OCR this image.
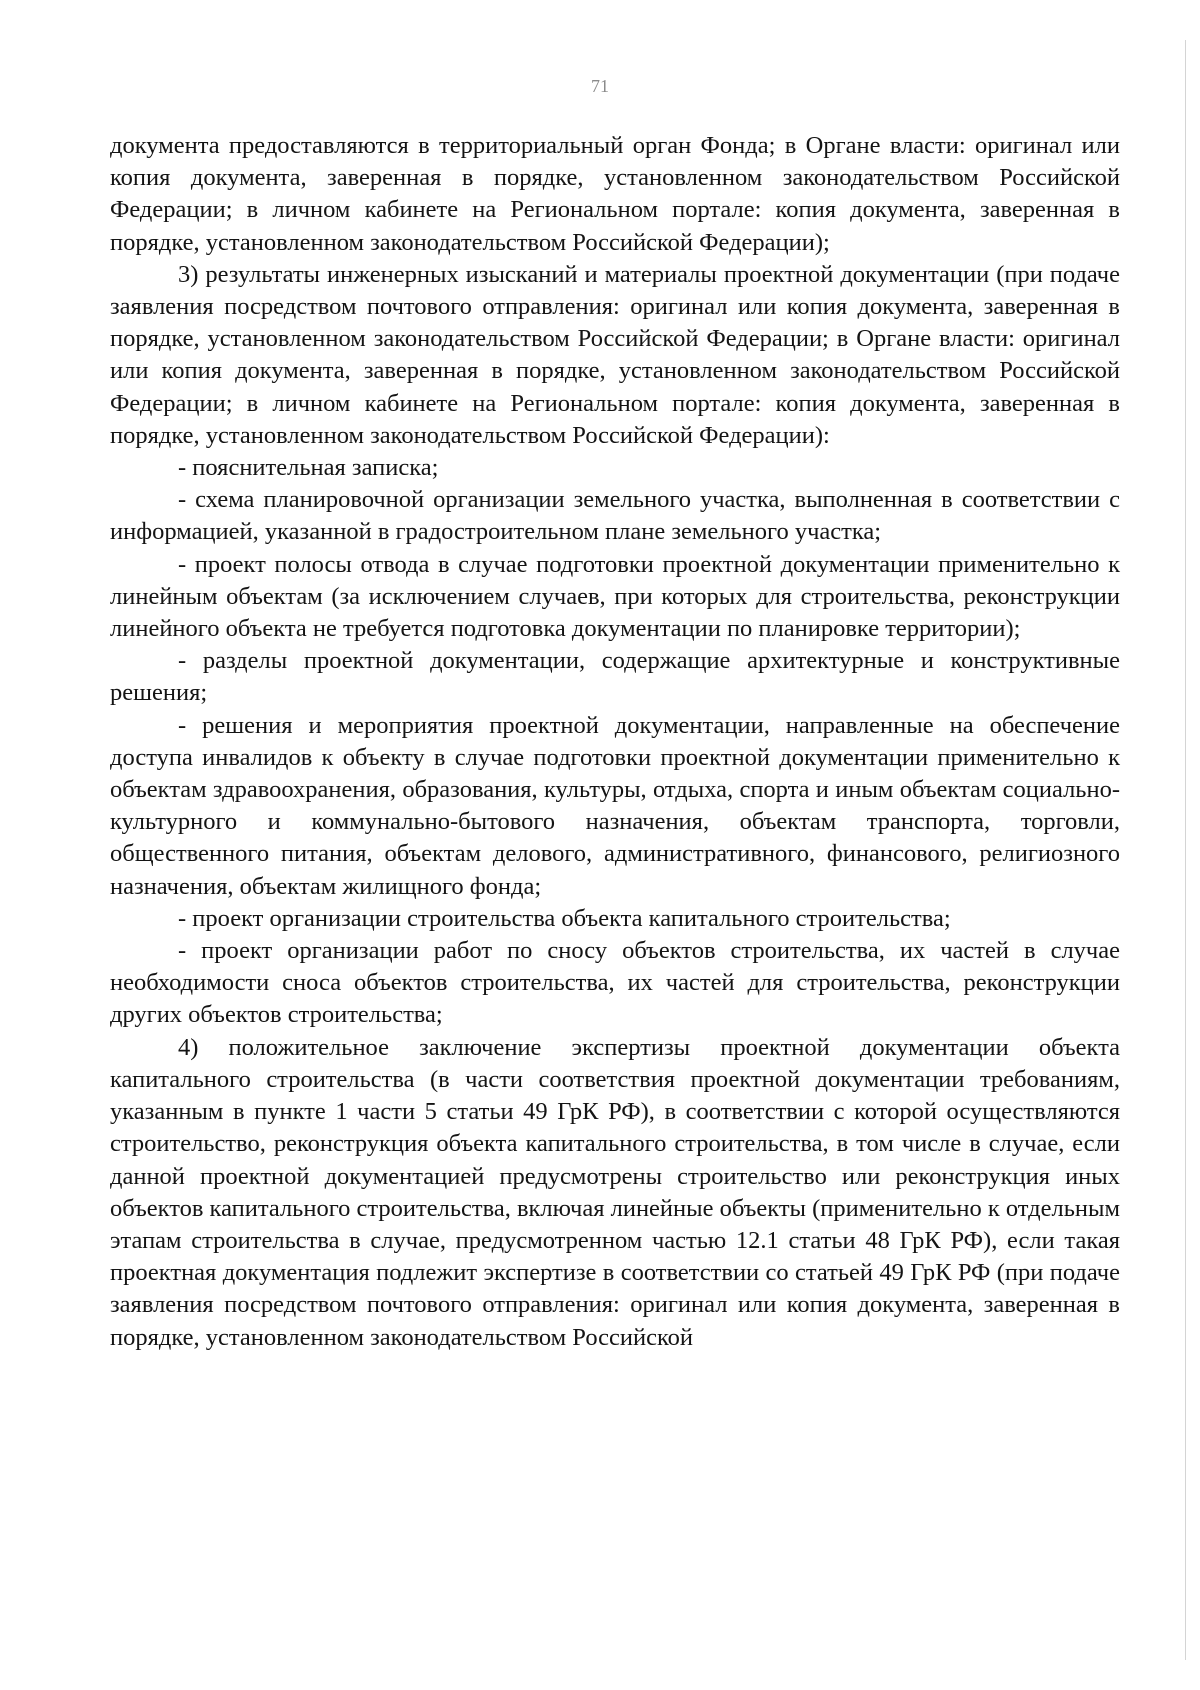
71

документа предоставляются в территориальный орган Фонда; в Органе власти: оригинал или копия документа, заверенная в порядке, установленном законодательством Российской Федерации; в личном кабинете на Региональном портале: копия документа, заверенная в порядке, установленном законодательством Российской Федерации);

3) результаты инженерных изысканий и материалы проектной документации (при подаче заявления посредством почтового отправления: оригинал или копия документа, заверенная в порядке, установленном законодательством Российской Федерации; в Органе власти: оригинал или копия документа, заверенная в порядке, установленном законодательством Российской Федерации; в личном кабинете на Региональном портале: копия документа, заверенная в порядке, установленном законодательством Российской Федерации):

- пояснительная записка;

- схема планировочной организации земельного участка, выполненная в соответствии с информацией, указанной в градостроительном плане земельного участка;

- проект полосы отвода в случае подготовки проектной документации применительно к линейным объектам (за исключением случаев, при которых для строительства, реконструкции линейного объекта не требуется подготовка документации по планировке территории);

- разделы проектной документации, содержащие архитектурные и конструктивные решения;

- решения и мероприятия проектной документации, направленные на обеспечение доступа инвалидов к объекту в случае подготовки проектной документации применительно к объектам здравоохранения, образования, культуры, отдыха, спорта и иным объектам социально-культурного и коммунально-бытового назначения, объектам транспорта, торговли, общественного питания, объектам делового, административного, финансового, религиозного назначения, объектам жилищного фонда;

- проект организации строительства объекта капитального строительства;

- проект организации работ по сносу объектов строительства, их частей в случае необходимости сноса объектов строительства, их частей для строительства, реконструкции других объектов строительства;

4) положительное заключение экспертизы проектной документации объекта капитального строительства (в части соответствия проектной документации требованиям, указанным в пункте 1 части 5 статьи 49 ГрК РФ), в соответствии с которой осуществляются строительство, реконструкция объекта капитального строительства, в том числе в случае, если данной проектной документацией предусмотрены строительство или реконструкция иных объектов капитального строительства, включая линейные объекты (применительно к отдельным этапам строительства в случае, предусмотренном частью 12.1 статьи 48 ГрК РФ), если такая проектная документация подлежит экспертизе в соответствии со статьей 49 ГрК РФ (при подаче заявления посредством почтового отправления: оригинал или копия документа, заверенная в порядке, установленном законодательством Российской
